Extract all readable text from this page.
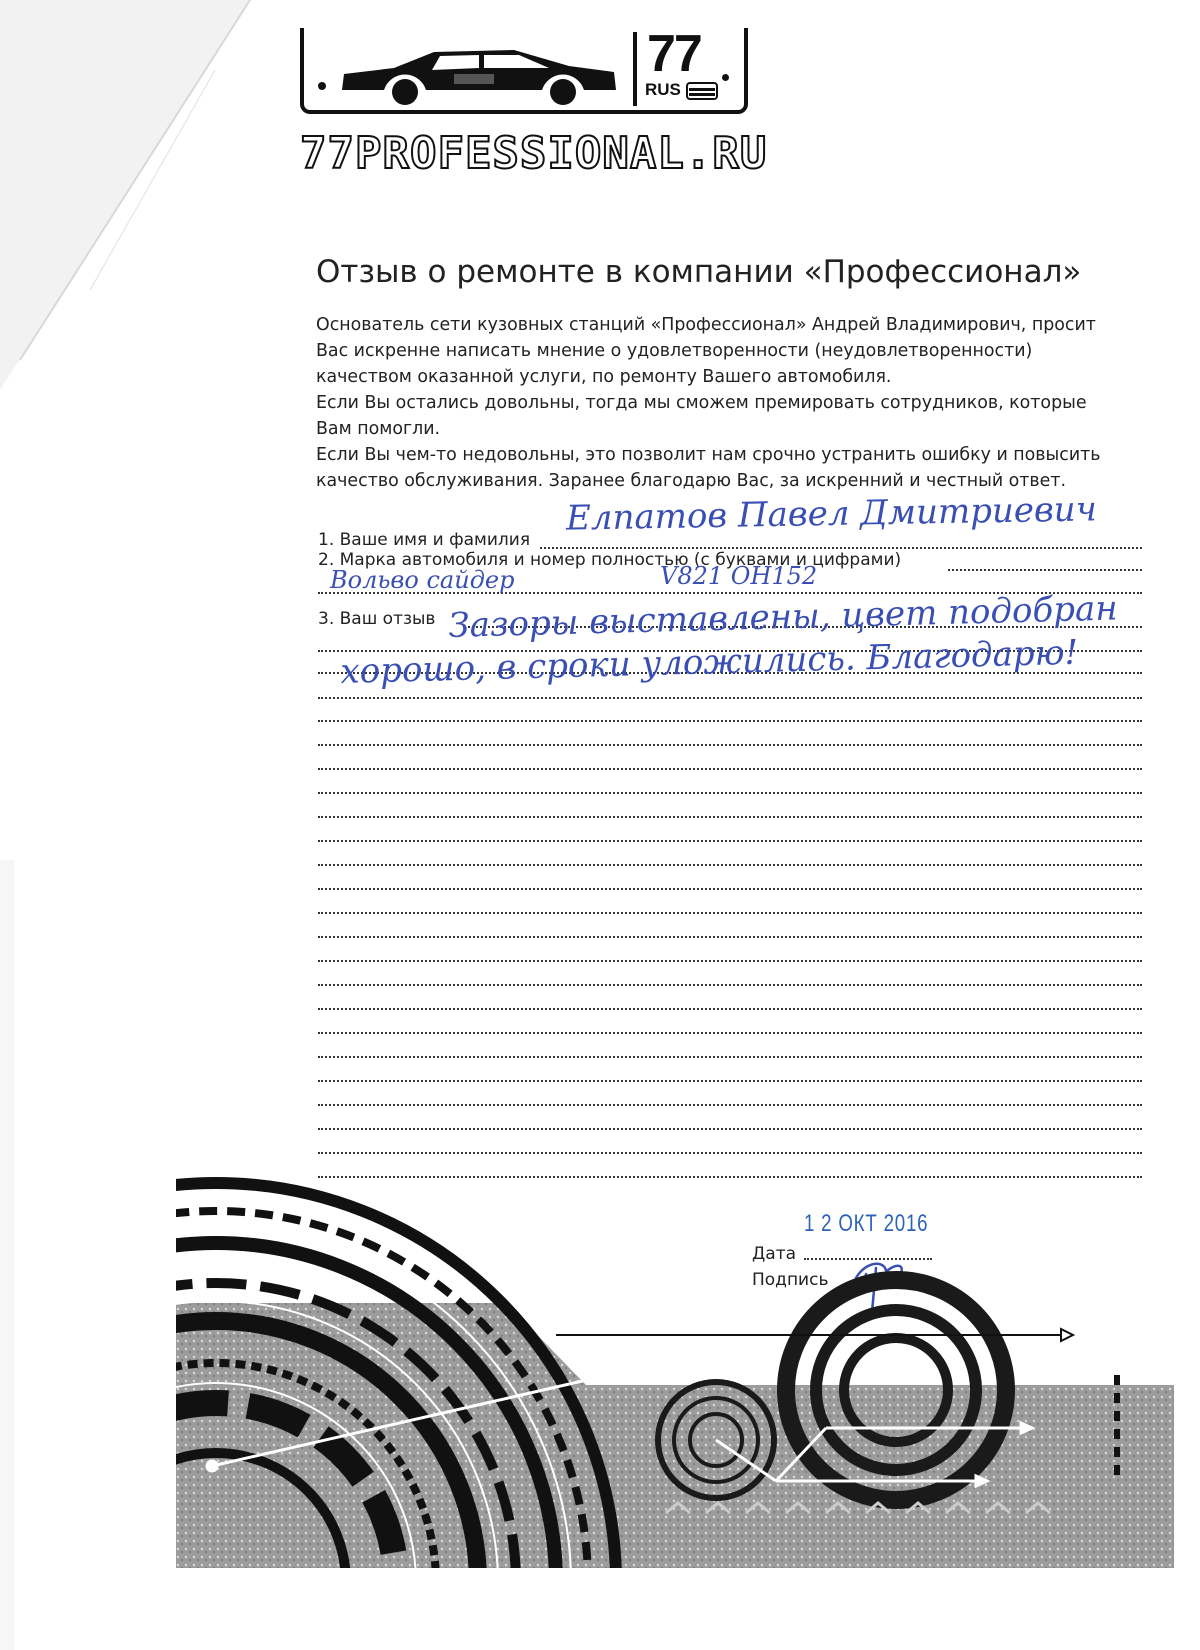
77
RUS
77PROFESSIONAL.RU
Отзыв о ремонте в компании «Профессионал»

Основатель сети кузовных станций «Профессионал» Андрей Владимирович, просит

Вас искренне написать мнение о удовлетворенности (неудовлетворенности)

качеством оказанной услуги, по ремонту Вашего автомобиля.

Если Вы остались довольны, тогда мы сможем премировать сотрудников, которые

Вам помогли.

Если Вы чем-то недовольны, это позволит нам срочно устранить ошибку и повысить

качество обслуживания. Заранее благодарю Вас, за искренний и честный ответ.

1. Ваше имя и фамилия
Елпатов Павел Дмитриевич
2. Марка автомобиля и номер полностью (с буквами и цифрами)
Вольво сайдер	V821 ОН152
3. Ваш отзыв Зазоры выставлены, цвет подобран
хорошо, в сроки уложились. Благодарю!
1 2 ОКТ 2016
Дата
Подпись
